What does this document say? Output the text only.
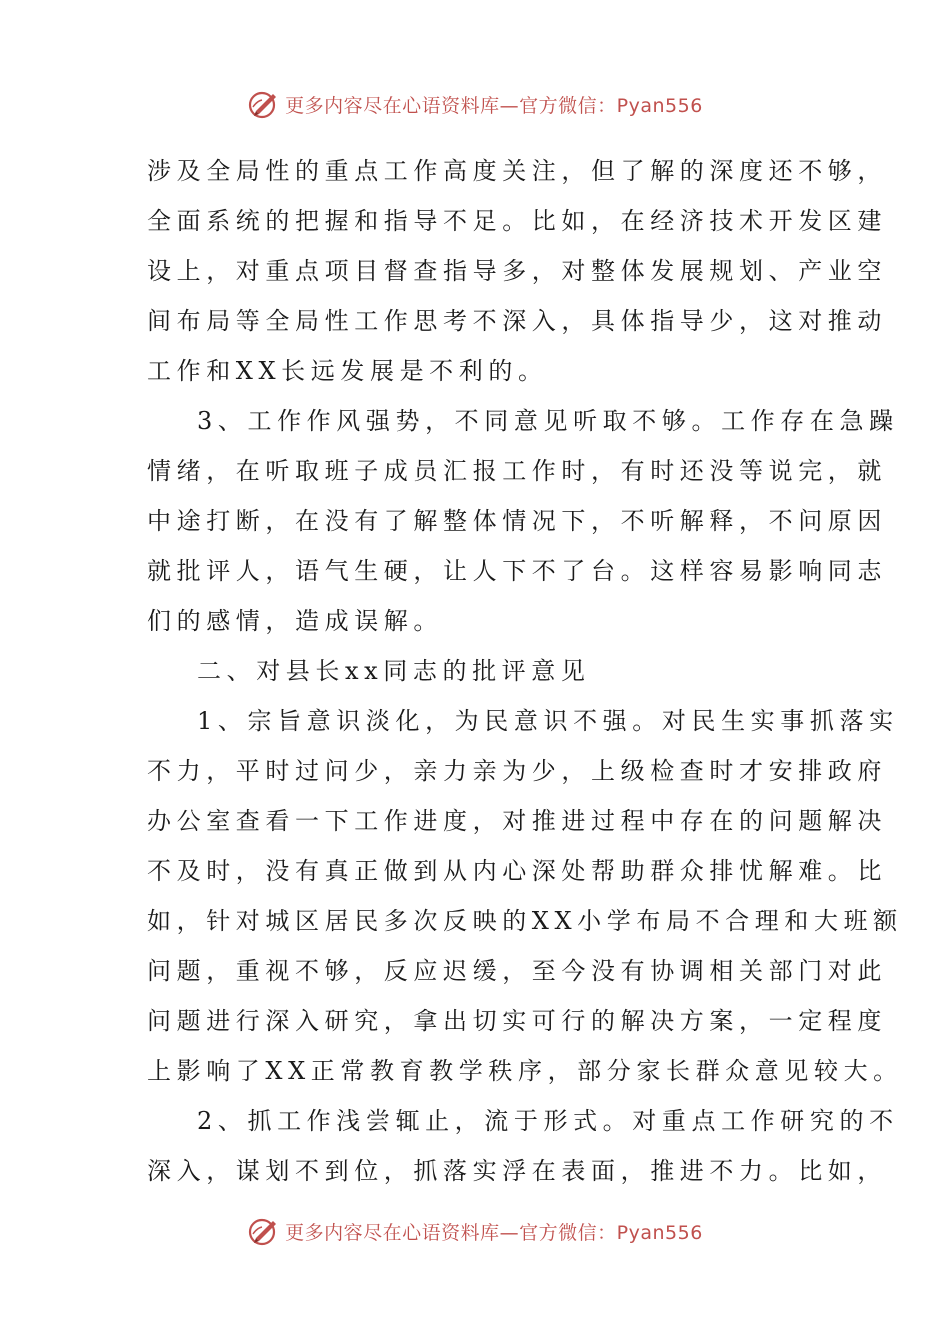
更多内容尽在心语资料库—官方微信：Pyan556
涉及全局性的重点工作高度关注，但了解的深度还不够，
全面系统的把握和指导不足。比如，在经济技术开发区建
设上，对重点项目督查指导多，对整体发展规划、产业空
间布局等全局性工作思考不深入，具体指导少，这对推动
工作和XX长远发展是不利的。
3、工作作风强势，不同意见听取不够。工作存在急躁
情绪，在听取班子成员汇报工作时，有时还没等说完，就
中途打断，在没有了解整体情况下，不听解释，不问原因
就批评人，语气生硬，让人下不了台。这样容易影响同志
们的感情，造成误解。
二、对县长xx同志的批评意见
1、宗旨意识淡化，为民意识不强。对民生实事抓落实
不力，平时过问少，亲力亲为少，上级检查时才安排政府
办公室查看一下工作进度，对推进过程中存在的问题解决
不及时，没有真正做到从内心深处帮助群众排忧解难。比
如，针对城区居民多次反映的XX小学布局不合理和大班额
问题，重视不够，反应迟缓，至今没有协调相关部门对此
问题进行深入研究，拿出切实可行的解决方案，一定程度
上影响了XX正常教育教学秩序，部分家长群众意见较大。
2、抓工作浅尝辄止，流于形式。对重点工作研究的不
深入，谋划不到位，抓落实浮在表面，推进不力。比如，
更多内容尽在心语资料库—官方微信：Pyan556
